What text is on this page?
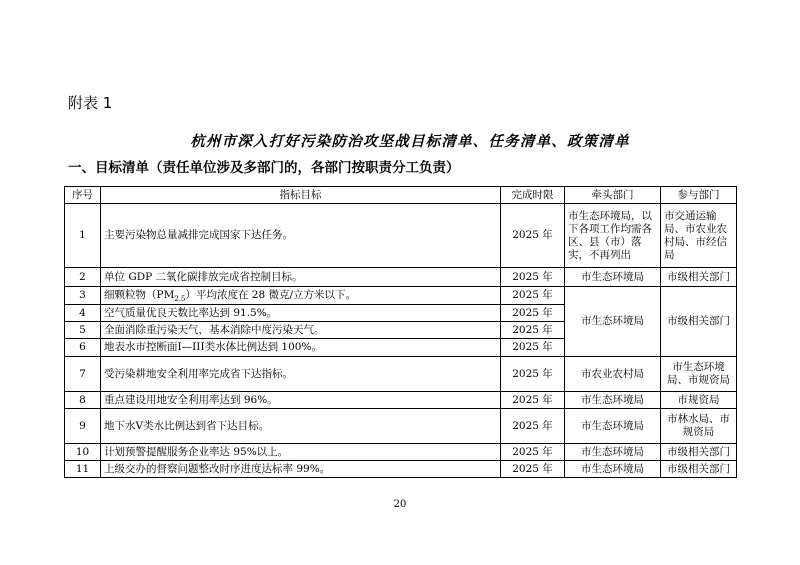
附表 1
杭州市深入打好污染防治攻坚战目标清单、任务清单、政策清单
一、目标清单（责任单位涉及多部门的，各部门按职责分工负责）
序号	指标目标	完成时限	牵头部门	参与部门
1	主要污染物总量减排完成国家下达任务。	2025 年	市生态环境局，以下各项工作均需各区、县（市）落实，不再列出	市交通运输局、市农业农村局、市经信局
2	单位 GDP 二氧化碳排放完成省控制目标。	2025 年	市生态环境局	市级相关部门
3	细颗粒物$(PM_{2.5})$平均浓度在 28 微克/立方米以下。	2025 年	市生态环境局	市级相关部门
4	空气质量优良天数比率达到 91.5%。	2025 年		
5	全面消除重污染天气，基本消除中度污染天气。	2025 年		
6	地表水市控断面Ⅰ—III类水体比例达到 100%。	2025 年		
7	受污染耕地安全利用率完成省下达指标。	2025 年	市农业农村局	市生态环境局、市规资局
8	重点建设用地安全利用率达到 96%。	2025 年	市生态环境局	市规资局
9	地下水Ⅴ类水比例达到省下达目标。	2025 年	市生态环境局	市林水局、市规资局
10	计划预警提醒服务企业率达 95%以上。	2025 年	市生态环境局	市级相关部门
11	上级交办的督察问题整改时序进度达标率 99%。	2025 年	市生态环境局	市级相关部门
20
